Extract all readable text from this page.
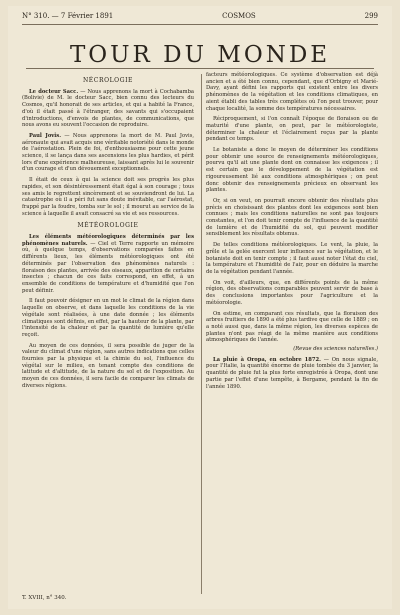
N° 310. — 7 Février 1891	COSMOS	299
TOUR DU MONDE
NÉCROLOGIE

Le docteur Sacc. — Nous apprenons la mort à Cochabamba (Bolivie) de M. le docteur Sacc, bien connu des lecteurs du Cosmos, qu'il honorait de ses articles, et qui a habité la France, d'où il était passé à l'étranger, des savants qui s'occupaient d'introductions, d'envois de plantes, de communications, que nous avons eu souvent l'occasion de reproduire.

Paul Jovis. — Nous apprenons la mort de M. Paul Jovis, aéronaute qui avait acquis une véritable notoriété dans le monde de l'aérostation. Plein de foi, d'enthousiasme pour cette jeune science, il se lança dans ses ascensions les plus hardies, et périt lors d'une expérience malheureuse, laissant après lui le souvenir d'un courage et d'un dévouement exceptionnels.

Il était de ceux à qui la science doit ses progrès les plus rapides, et son désintéressement était égal à son courage ; tous ses amis le regrettent sincèrement et se souviendront de lui. La catastrophe où il a péri fut sans doute inévitable, car l'aérostat, frappé par la foudre, tomba sur le sol ; il mourut au service de la science à laquelle il avait consacré sa vie et ses ressources.

MÉTÉOROLOGIE

Les éléments météorologiques déterminés par les phénomènes naturels. — Ciel et Terre rapporte un mémoire où, à quelque temps, d'observations comparées faites en différents lieux, les éléments météorologiques ont été déterminés par l'observation des phénomènes naturels : floraison des plantes, arrivée des oiseaux, apparition de certains insectes ; chacun de ces faits correspond, en effet, à un ensemble de conditions de température et d'humidité que l'on peut définir.

Il faut pouvoir désigner en un mot le climat de la région dans laquelle on observe, et dans laquelle les conditions de la vie végétale sont réalisées, à une date donnée ; les éléments climatiques sont définis, en effet, par la hauteur de la plante, par l'intensité de la chaleur et par la quantité de lumière qu'elle reçoit.

Au moyen de ces données, il sera possible de juger de la valeur du climat d'une région, sans autres indications que celles fournies par la physique et la chimie du sol, l'influence du végétal sur le milieu, en tenant compte des conditions de latitude et d'altitude, de la nature du sol et de l'exposition. Au moyen de ces données, il sera facile de comparer les climats de diverses régions.

facteurs météorologiques. Ce système d'observation est déjà ancien et a été bien connu, cependant, que d'Orbigny et Marié-Davy, ayant défini les rapports qui existent entre les divers phénomènes de la végétation et les conditions climatiques, en aient établi des tables très complètes où l'on peut trouver, pour chaque localité, la somme des températures nécessaires.

Réciproquement, si l'on connaît l'époque de floraison ou de maturité d'une plante, on peut, par le météorologiste, déterminer la chaleur et l'éclairement reçus par la plante pendant ce temps.

Le botaniste a donc le moyen de déterminer les conditions pour obtenir une source de renseignements météorologiques, pourvu qu'il ait une plante dont on connaisse les exigences ; il est certain que le développement de la végétation est rigoureusement lié aux conditions atmosphériques ; on peut donc obtenir des renseignements précieux en observant les plantes.

Or, si on veut, on pourrait encore obtenir des résultats plus précis en choisissant des plantes dont les exigences sont bien connues ; mais les conditions naturelles ne sont pas toujours constantes, et l'on doit tenir compte de l'influence de la quantité de lumière et de l'humidité du sol, qui peuvent modifier sensiblement les résultats obtenus.

De telles conditions météorologiques. Le vent, la pluie, la grêle et la gelée exercent leur influence sur la végétation, et le botaniste doit en tenir compte ; il faut aussi noter l'état du ciel, la température et l'humidité de l'air, pour en déduire la marche de la végétation pendant l'année.

On voit, d'ailleurs, que, en différents points de la même région, des observations comparables peuvent servir de base à des conclusions importantes pour l'agriculture et la météorologie.

On estime, en comparant ces résultats, que la floraison des arbres fruitiers de 1890 a été plus tardive que celle de 1889 ; on a noté aussi que, dans la même région, les diverses espèces de plantes n'ont pas réagi de la même manière aux conditions atmosphériques de l'année.

(Revue des sciences naturelles.)

La pluie à Oropa, en octobre 1872. — On nous signale, pour l'Italie, la quantité énorme de pluie tombée du 3 janvier, la quantité de pluie fut la plus forte enregistrée à Oropa, dont une partie par l'effet d'une tempête, à Bergame, pendant la fin de l'année 1890.

T. XVIII, n° 340.
